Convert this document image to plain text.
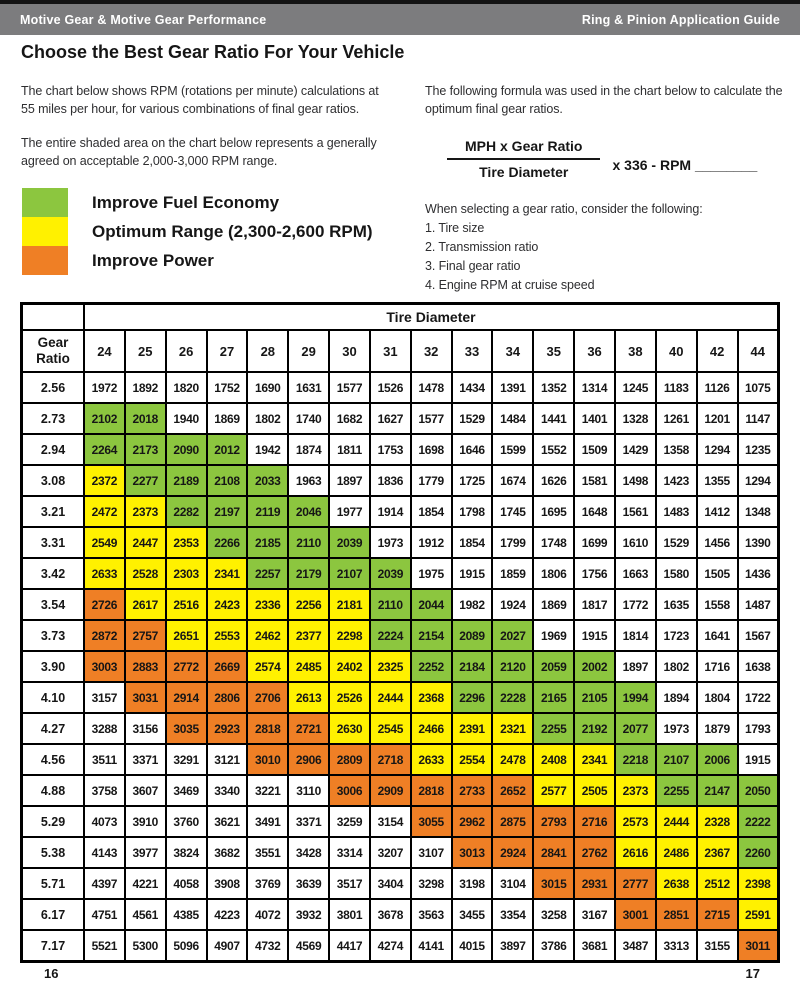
Motive Gear & Motive Gear Performance	Ring & Pinion Application Guide
Choose the Best Gear Ratio For Your Vehicle

The chart below shows RPM (rotations per minute) calculations at 55 miles per hour, for various combinations of final gear ratios.

The entire shaded area on the chart below represents a generally agreed on acceptable 2,000-3,000 RPM range.

The following formula was used in the chart below to calculate the optimum final gear ratios.

Improve Fuel Economy
Optimum Range (2,300-2,600 RPM)
Improve Power
$\frac{\text{MPH x Gear Ratio}}{\text{Tire Diameter}}$ x 336 - RPM ________
When selecting a gear ratio, consider the following:
1. Tire size
2. Transmission ratio
3. Final gear ratio
4. Engine RPM at cruise speed
	Tire Diameter																
Gear Ratio	24	25	26	27	28	29	30	31	32	33	34	35	36	38	40	42	44
2.56	1972	1892	1820	1752	1690	1631	1577	1526	1478	1434	1391	1352	1314	1245	1183	1126	1075
2.73	2102	2018	1940	1869	1802	1740	1682	1627	1577	1529	1484	1441	1401	1328	1261	1201	1147
2.94	2264	2173	2090	2012	1942	1874	1811	1753	1698	1646	1599	1552	1509	1429	1358	1294	1235
3.08	2372	2277	2189	2108	2033	1963	1897	1836	1779	1725	1674	1626	1581	1498	1423	1355	1294
3.21	2472	2373	2282	2197	2119	2046	1977	1914	1854	1798	1745	1695	1648	1561	1483	1412	1348
3.31	2549	2447	2353	2266	2185	2110	2039	1973	1912	1854	1799	1748	1699	1610	1529	1456	1390
3.42	2633	2528	2303	2341	2257	2179	2107	2039	1975	1915	1859	1806	1756	1663	1580	1505	1436
3.54	2726	2617	2516	2423	2336	2256	2181	2110	2044	1982	1924	1869	1817	1772	1635	1558	1487
3.73	2872	2757	2651	2553	2462	2377	2298	2224	2154	2089	2027	1969	1915	1814	1723	1641	1567
3.90	3003	2883	2772	2669	2574	2485	2402	2325	2252	2184	2120	2059	2002	1897	1802	1716	1638
4.10	3157	3031	2914	2806	2706	2613	2526	2444	2368	2296	2228	2165	2105	1994	1894	1804	1722
4.27	3288	3156	3035	2923	2818	2721	2630	2545	2466	2391	2321	2255	2192	2077	1973	1879	1793
4.56	3511	3371	3291	3121	3010	2906	2809	2718	2633	2554	2478	2408	2341	2218	2107	2006	1915
4.88	3758	3607	3469	3340	3221	3110	3006	2909	2818	2733	2652	2577	2505	2373	2255	2147	2050
5.29	4073	3910	3760	3621	3491	3371	3259	3154	3055	2962	2875	2793	2716	2573	2444	2328	2222
5.38	4143	3977	3824	3682	3551	3428	3314	3207	3107	3013	2924	2841	2762	2616	2486	2367	2260
5.71	4397	4221	4058	3908	3769	3639	3517	3404	3298	3198	3104	3015	2931	2777	2638	2512	2398
6.17	4751	4561	4385	4223	4072	3932	3801	3678	3563	3455	3354	3258	3167	3001	2851	2715	2591
7.17	5521	5300	5096	4907	4732	4569	4417	4274	4141	4015	3897	3786	3681	3487	3313	3155	3011
16	17
